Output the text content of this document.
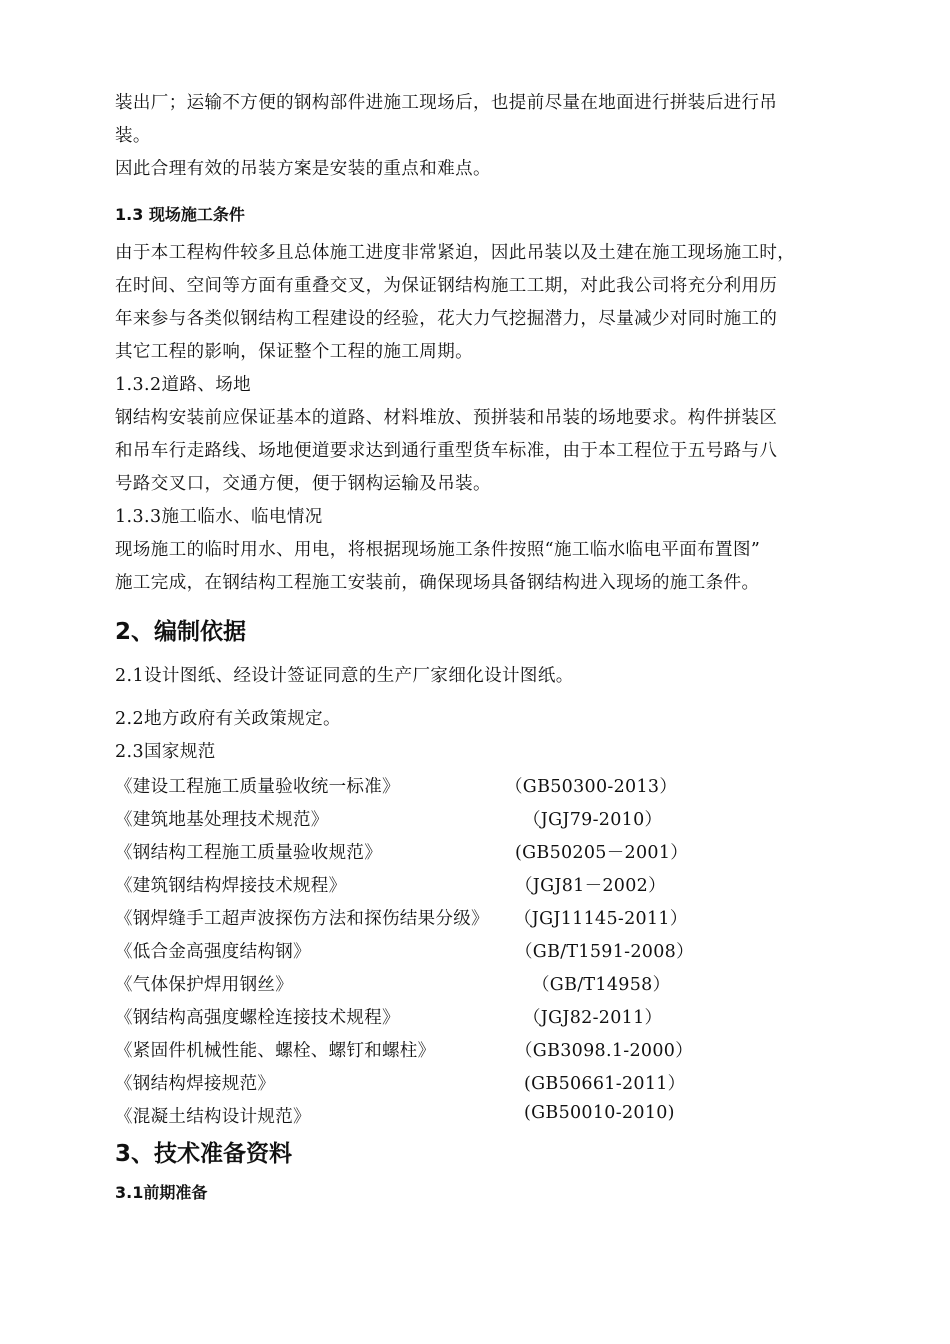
装出厂；运输不方便的钢构部件进施工现场后，也提前尽量在地面进行拼装后进行吊
装。
因此合理有效的吊装方案是安装的重点和难点。
1.3 现场施工条件
由于本工程构件较多且总体施工进度非常紧迫，因此吊装以及土建在施工现场施工时，
在时间、空间等方面有重叠交叉，为保证钢结构施工工期，对此我公司将充分利用历
年来参与各类似钢结构工程建设的经验，花大力气挖掘潜力，尽量减少对同时施工的
其它工程的影响，保证整个工程的施工周期。
1.3.2道路、场地
钢结构安装前应保证基本的道路、材料堆放、预拼装和吊装的场地要求。构件拼装区
和吊车行走路线、场地便道要求达到通行重型货车标准，由于本工程位于五号路与八
号路交叉口，交通方便，便于钢构运输及吊装。
1.3.3施工临水、临电情况
现场施工的临时用水、用电，将根据现场施工条件按照“施工临水临电平面布置图”
施工完成，在钢结构工程施工安装前，确保现场具备钢结构进入现场的施工条件。
2、编制依据
2.1设计图纸、经设计签证同意的生产厂家细化设计图纸。
2.2地方政府有关政策规定。
2.3国家规范
《建设工程施工质量验收统一标准》	（GB50300-2013）
《建筑地基处理技术规范》	（JGJ79-2010）
《钢结构工程施工质量验收规范》	(GB50205－2001）
《建筑钢结构焊接技术规程》	（JGJ81－2002）
《钢焊缝手工超声波探伤方法和探伤结果分级》 （JGJ11145-2011）
《低合金高强度结构钢》	（GB/T1591-2008）
《气体保护焊用钢丝》	（GB/T14958）
《钢结构高强度螺栓连接技术规程》	（JGJ82-2011）
《紧固件机械性能、螺栓、螺钉和螺柱》	（GB3098.1-2000）
《钢结构焊接规范》	(GB50661-2011）
《混凝土结构设计规范》	(GB50010-2010)
3、技术准备资料
3.1前期准备
